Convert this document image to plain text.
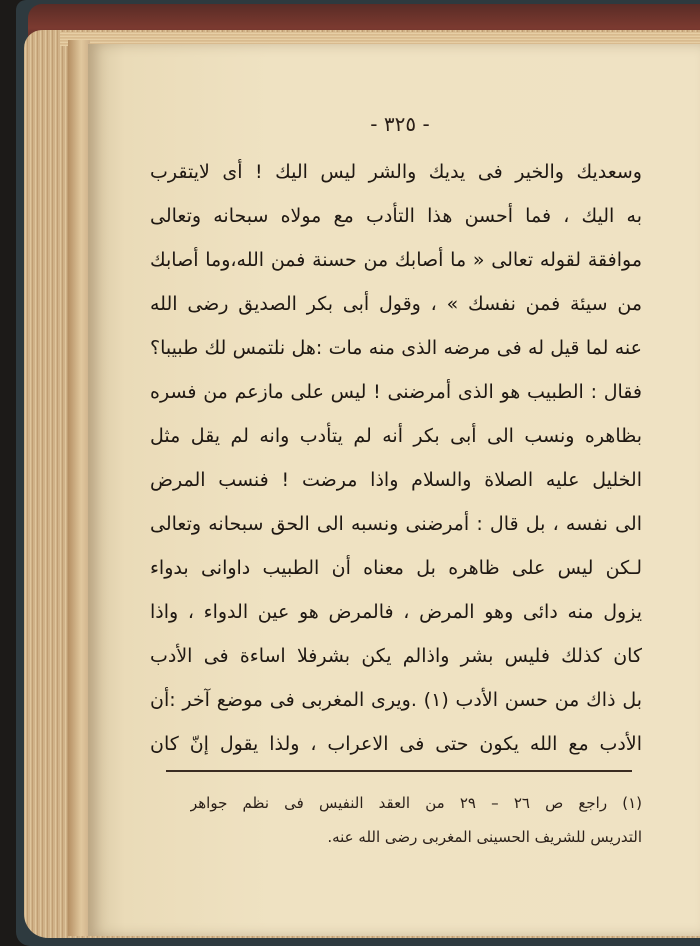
- ٣٢٥ -
وسعديك والخير فى يديك والشر ليس اليك ! أى لايتقرب
به اليك ، فما أحسن هذا التأدب مع مولاه سبحانه وتعالى
موافقة لقوله تعالى « ما أصابك من حسنة فمن الله،وما أصابك
من سيئة فمن نفسك » ، وقول أبى بكر الصديق رضى الله
عنه لما قيل له فى مرضه الذى منه مات :هل نلتمس لك طبيبا؟
فقال : الطبيب هو الذى أمرضنى ! ليس على مازعم من فسره
بظاهره ونسب الى أبى بكر أنه لم يتأدب وانه لم يقل مثل
الخليل عليه الصلاة والسلام واذا مرضت ! فنسب المرض
الى نفسه ، بل قال : أمرضنى ونسبه الى الحق سبحانه وتعالى
لـكن ليس على ظاهره بل معناه أن الطبيب داوانى بدواء
يزول منه دائى وهو المرض ، فالمرض هو عين الدواء ، واذا
كان كذلك فليس بشر واذالم يكن بشرفلا اساءة فى الأدب
بل ذاك من حسن الأدب (١) .ويرى المغربى فى موضع آخر :أن
الأدب مع الله يكون حتى فى الاعراب ، ولذا يقول إنّ كان
(١) راجع ص ٢٦ – ٢٩ من العقد النفيس فى نظم جواهر
التدريس للشريف الحسينى المغربى رضى الله عنه.
